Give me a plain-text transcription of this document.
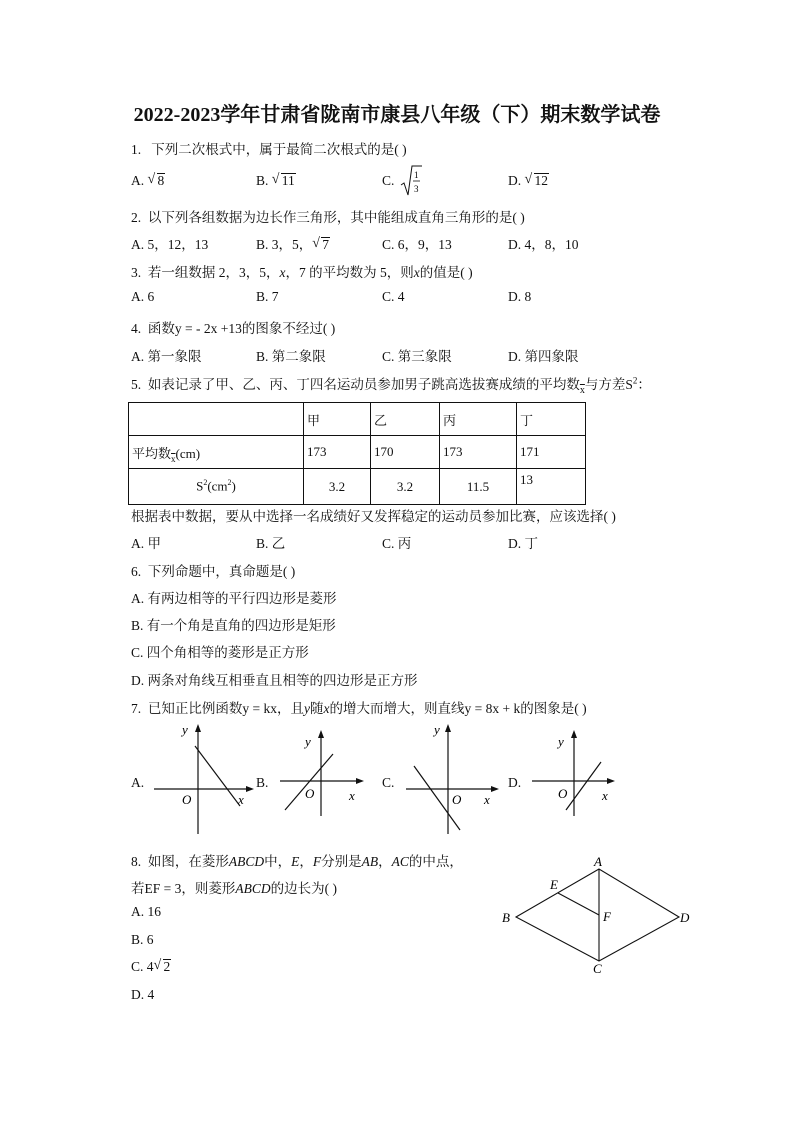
2022-2023学年甘肃省陇南市康县八年级（下）期末数学试卷
1. 下列二次根式中，属于最简二次根式的是( )
A. √ 8	B. √ 11	C. 1
3
D. √ 12
2. 以下列各组数据为边长作三角形，其中能组成直角三角形的是( )
A. 5，12，13	B. 3，5， √ 7	C. 6，9，13	D. 4，8，10
3. 若一组数据 2，3，5，x，7 的平均数为 5，则x的值是( )
A. 6	B. 7	C. 4	D. 8
4. 函数y = - 2x +13的图象不经过( )
A. 第一象限	B. 第二象限	C. 第三象限	D. 第四象限
5. 如表记录了甲、乙、丙、丁四名运动员参加男子跳高选拔赛成绩的平均数$_{\overline{x}}$与方差$S^2$：
	甲	乙	丙	丁
平均数$_{\overline{x}}$(cm)	173	170	173	171
$S^2(cm^2)$	3.2	3.2	11.5	13
根据表中数据，要从中选择一名成绩好又发挥稳定的运动员参加比赛，应该选择( )
A. 甲	B. 乙	C. 丙	D. 丁
6. 下列命题中，真命题是( )
A. 有两边相等的平行四边形是菱形
B. 有一个角是直角的四边形是矩形
C. 四个角相等的菱形是正方形
D. 两条对角线互相垂直且相等的四边形是正方形
7. 已知正比例函数y = kx，且y随x的增大而增大，则直线y = 8x + k的图象是( )
A.
y
x
O
B.
y
x
O
C.
y
x
O
D.
y
x
O
8. 如图，在菱形ABCD中，E，F分别是AB，AC的中点，
若EF = 3，则菱形ABCD的边长为( )
A. 16
B. 6
C. 4 √ 2
D. 4
A
B
C
D
E
F
